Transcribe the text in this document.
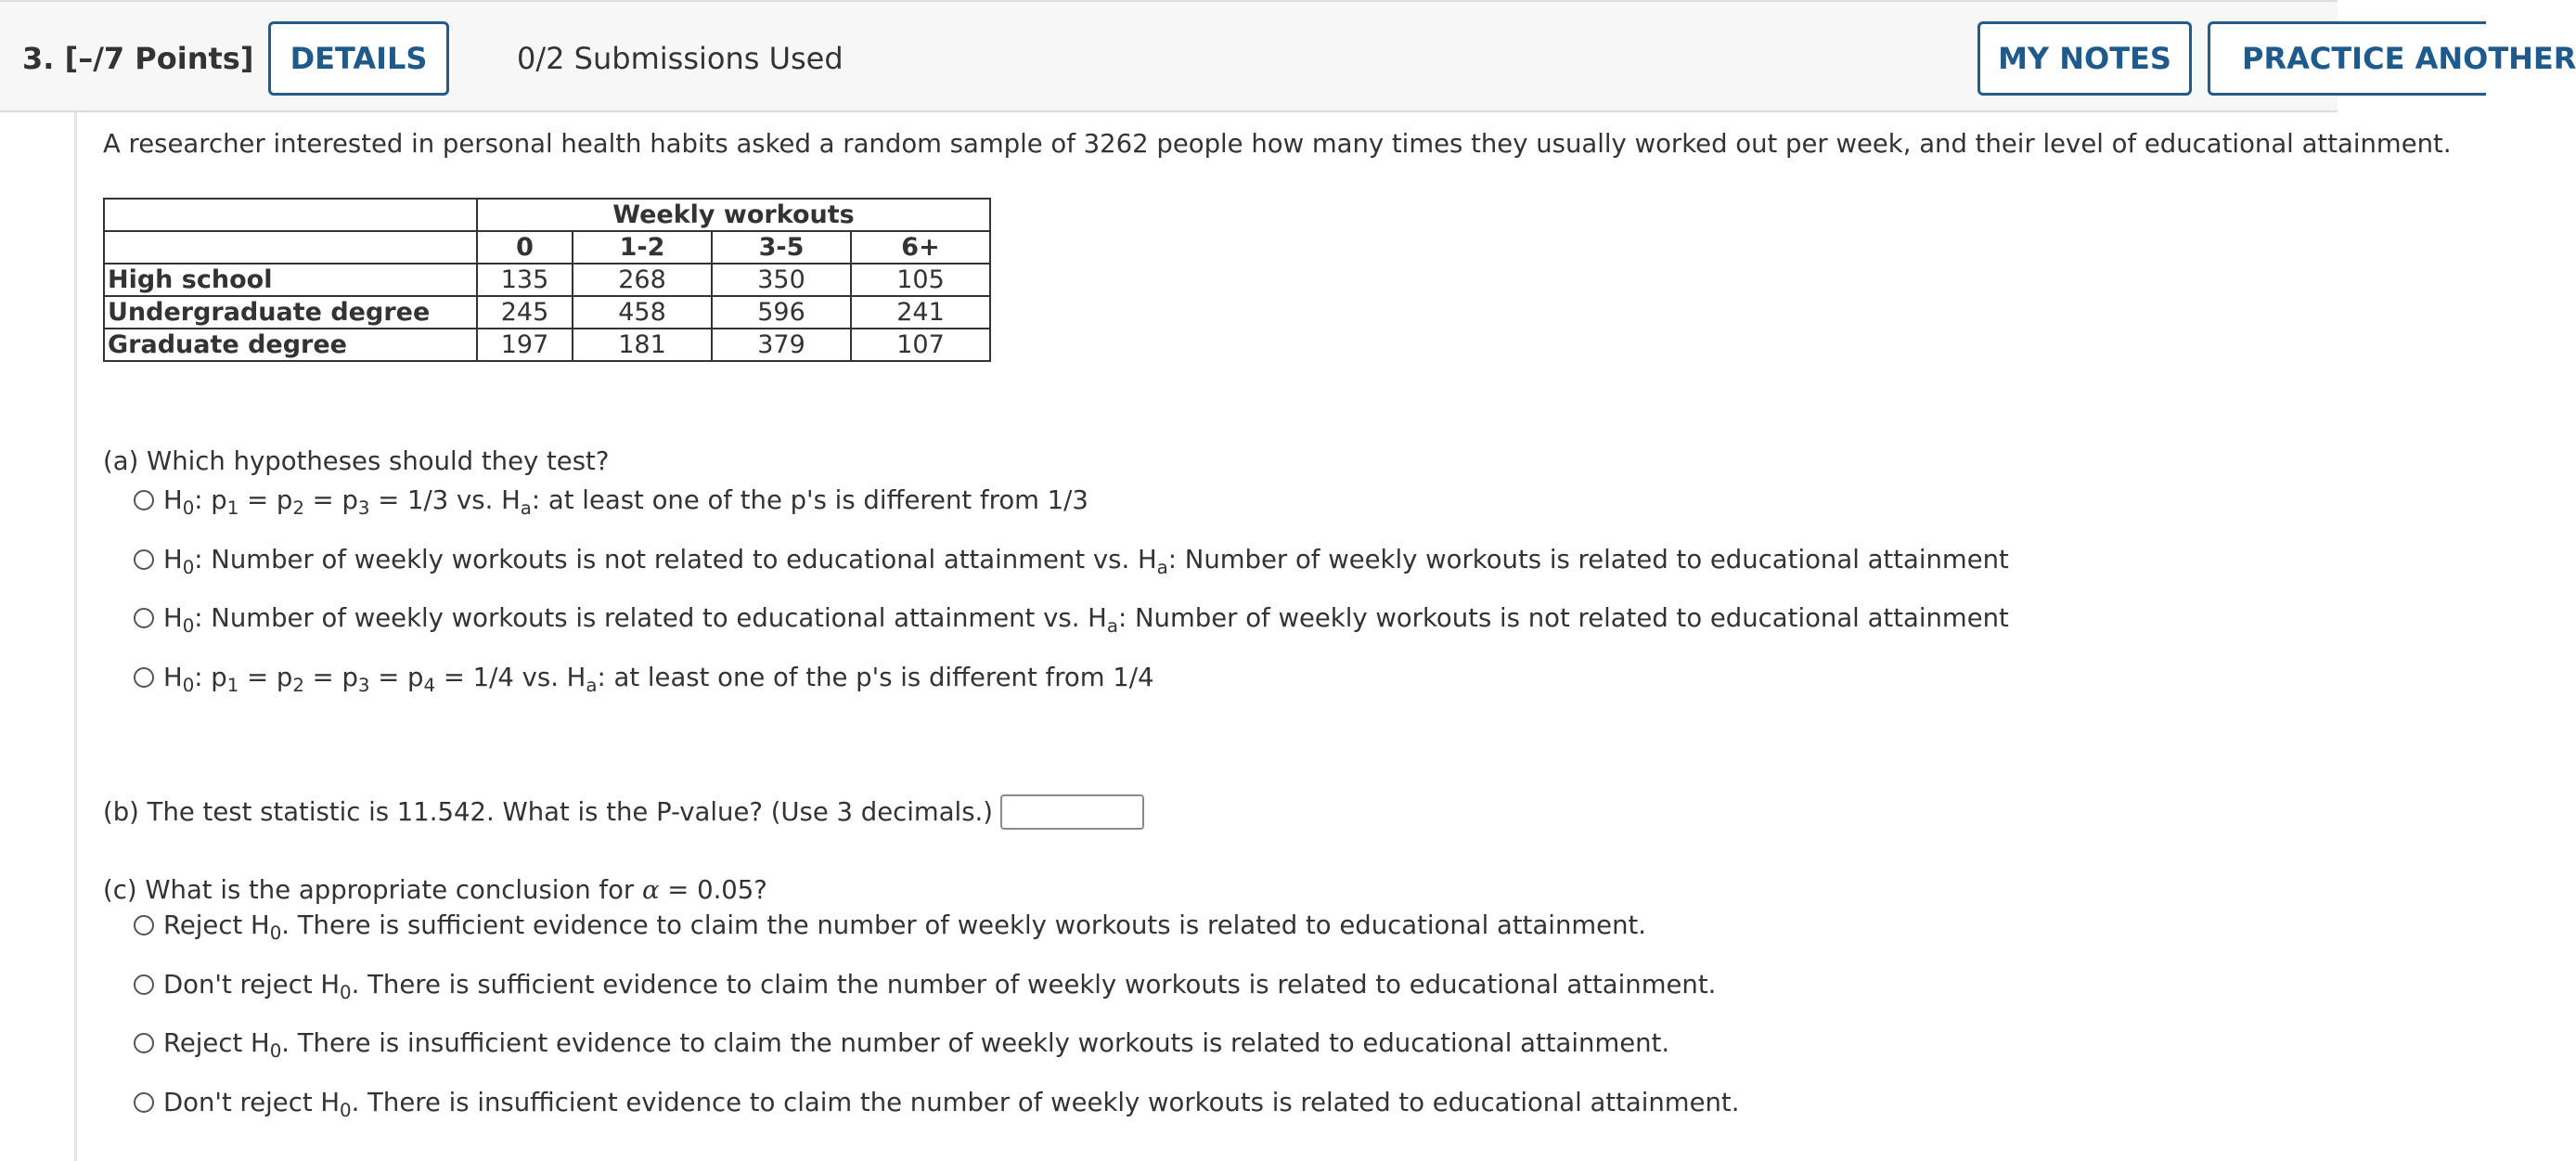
3. [–/7 Points]	DETAILS	0/2 Submissions Used	MY NOTES	PRACTICE ANOTHER
A researcher interested in personal health habits asked a random sample of 3262 people how many times they usually worked out per week, and their level of educational attainment.
	Weekly workouts			
	0	1-2	3-5	6+
High school	135	268	350	105
Undergraduate degree	245	458	596	241
Graduate degree	197	181	379	107
(a) Which hypotheses should they test?
$H_0$: $p_1 = p_2 = p_3 = 1/3$ vs. $H_a$: at least one of the p's is different from 1/3
$H_0$: Number of weekly workouts is not related to educational attainment vs. $H_a$: Number of weekly workouts is related to educational attainment
$H_0$: Number of weekly workouts is related to educational attainment vs. $H_a$: Number of weekly workouts is not related to educational attainment
$H_0$: $p_1 = p_2 = p_3 = p_4 = 1/4$ vs. $H_a$: at least one of the p's is different from 1/4
(b) The test statistic is 11.542. What is the P-value? (Use 3 decimals.)
(c) What is the appropriate conclusion for α = 0.05?
Reject $H_0$. There is sufficient evidence to claim the number of weekly workouts is related to educational attainment.
Don't reject $H_0$. There is sufficient evidence to claim the number of weekly workouts is related to educational attainment.
Reject $H_0$. There is insufficient evidence to claim the number of weekly workouts is related to educational attainment.
Don't reject $H_0$. There is insufficient evidence to claim the number of weekly workouts is related to educational attainment.
